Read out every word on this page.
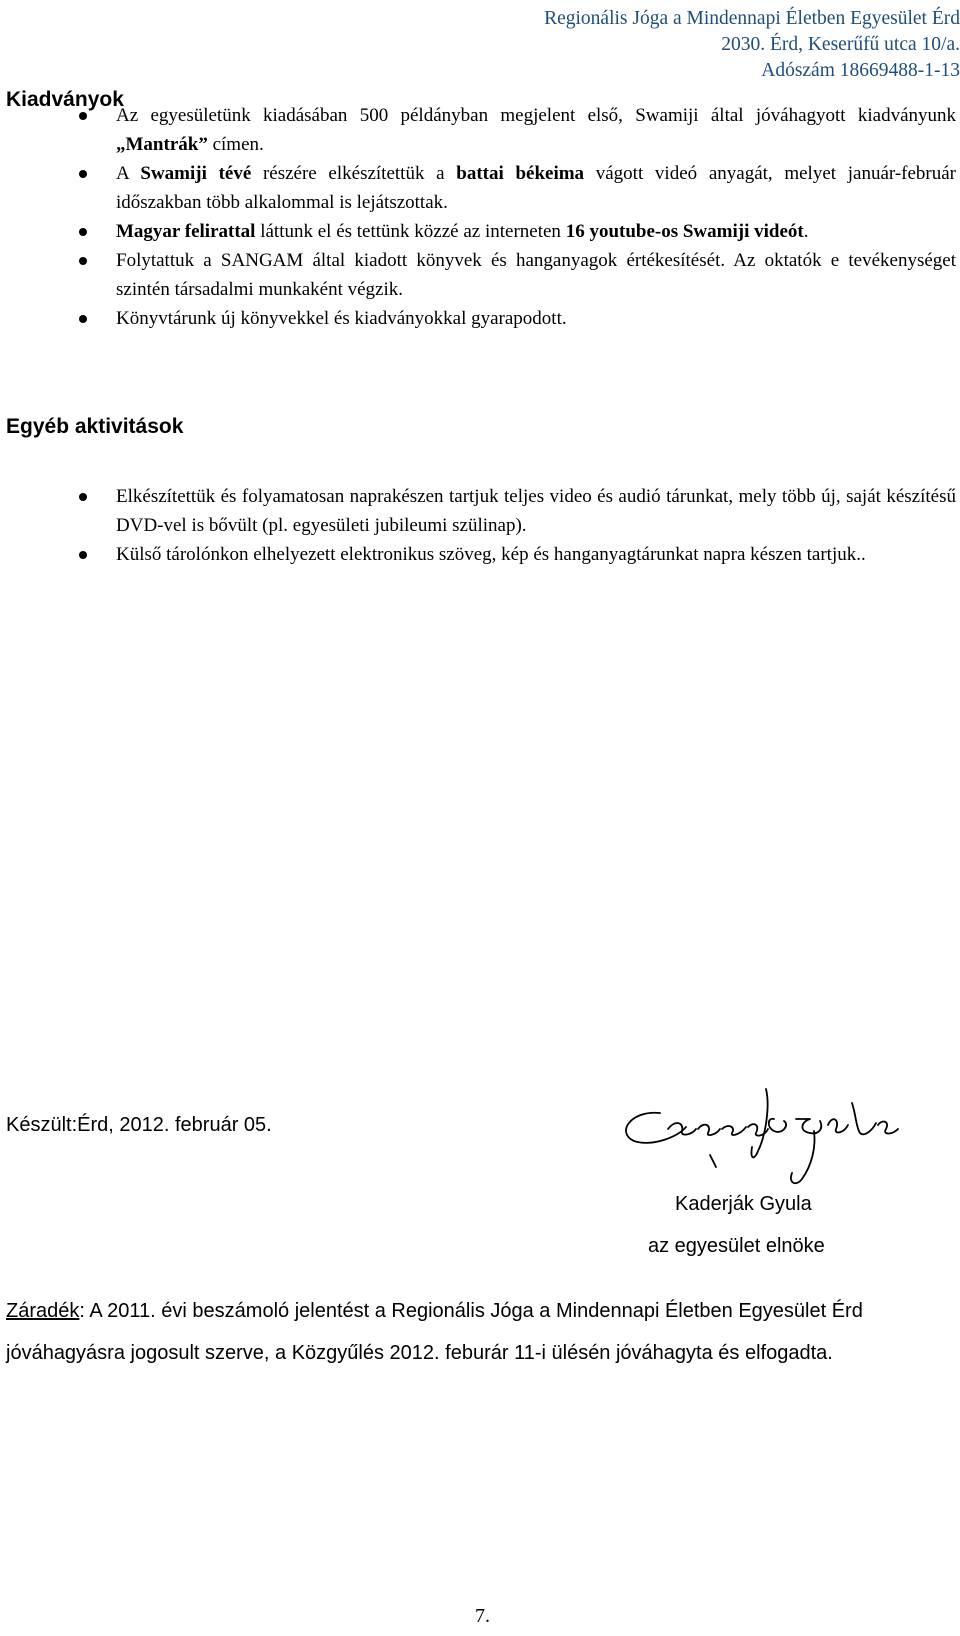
Regionális Jóga a Mindennapi Életben Egyesület Érd
2030. Érd, Keserűfű utca 10/a.
Adószám 18669488-1-13
Kiadványok
Az egyesületünk kiadásában 500 példányban megjelent első, Swamiji által jóváhagyott kiadványunk „Mantrák” címen.
A Swamiji tévé részére elkészítettük a battai békeima vágott videó anyagát, melyet január-február időszakban több alkalommal is lejátszottak.
Magyar felirattal láttunk el és tettünk közzé az interneten 16 youtube-os Swamiji videót.
Folytattuk a SANGAM által kiadott könyvek és hanganyagok értékesítését. Az oktatók e tevékenységet szintén társadalmi munkaként végzik.
Könyvtárunk új könyvekkel és kiadványokkal gyarapodott.
Egyéb aktivitások
Elkészítettük és folyamatosan naprakészen tartjuk teljes video és audió tárunkat, mely több új, saját készítésű DVD-vel is bővült (pl. egyesületi jubileumi szülinap).
Külső tárolónkon elhelyezett elektronikus szöveg, kép és hanganyagtárunkat napra készen tartjuk..
Készült:Érd, 2012. február 05.
Kaderják Gyula
az egyesület elnöke
Záradék: A 2011. évi beszámoló jelentést a Regionális Jóga a Mindennapi Életben Egyesület Érd jóváhagyásra jogosult szerve, a Közgyűlés 2012. feburár 11-i ülésén jóváhagyta és elfogadta.
7.
